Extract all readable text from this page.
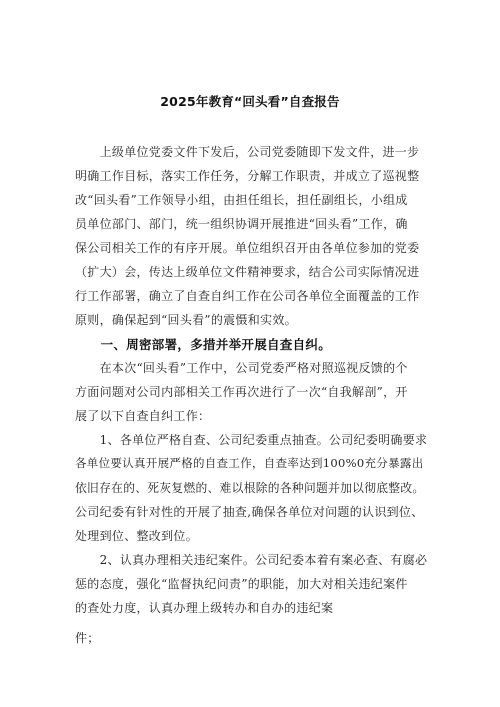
2025年教育“回头看”自查报告
　　上级单位党委文件下发后，公司党委随即下发文件，进一步
明确工作目标，落实工作任务，分解工作职责，并成立了巡视整
改“回头看”工作领导小组，由担任组长，担任副组长，小组成
员单位部门、部门，统一组织协调开展推进“回头看”工作，确
保公司相关工作的有序开展。单位组织召开由各单位参加的党委
（扩大）会，传达上级单位文件精神要求，结合公司实际情况进
行工作部署，确立了自查自纠工作在公司各单位全面覆盖的工作
原则，确保起到“回头看”的震慑和实效。
　　一、周密部署，多措并举开展自查自纠。
　　在本次“回头看”工作中，公司党委严格对照巡视反馈的个
方面问题对公司内部相关工作再次进行了一次“自我解剖”，开
展了以下自查自纠工作：
　　1、各单位严格自查、公司纪委重点抽查。公司纪委明确要求
各单位要认真开展严格的自查工作，自查率达到100%0充分暴露出
依旧存在的、死灰复燃的、难以根除的各种问题并加以彻底整改。
公司纪委有针对性的开展了抽查,确保各单位对问题的认识到位、
处理到位、整改到位。
　　2、认真办理相关违纪案件。公司纪委本着有案必查、有腐必
惩的态度，强化“监督执纪问责”的职能，加大对相关违纪案件
的查处力度，认真办理上级转办和自办的违纪案
件；
